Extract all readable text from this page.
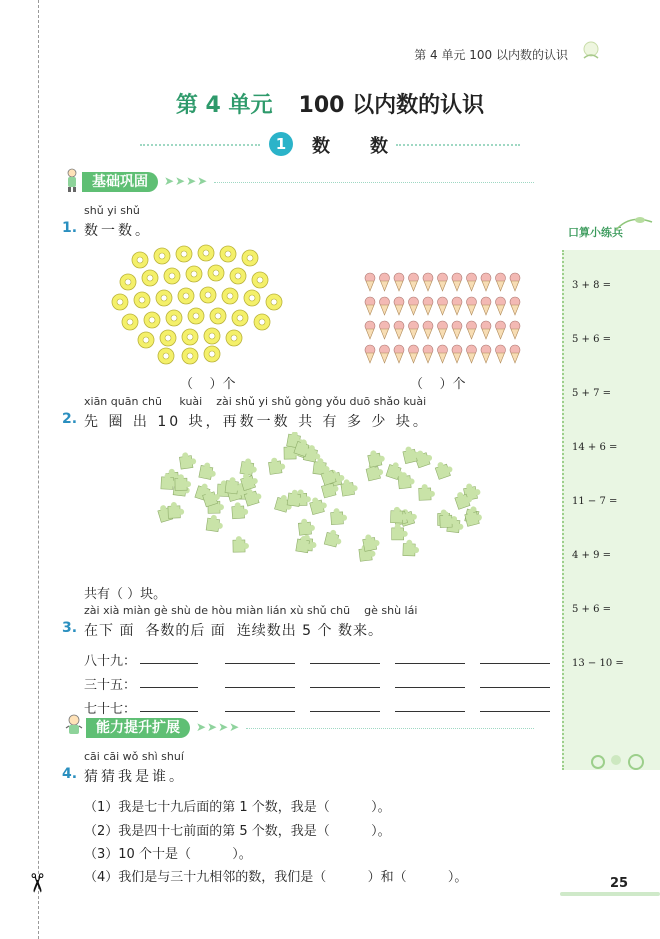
✂
第 4 单元 100 以内数的认识
第 4 单元 100 以内数的认识
1	数数
基础巩固	➤➤➤➤
shǔ yi shǔ
1. 数一数。
（    ）个	（    ）个
xiān quān chū     kuài    zài shǔ yi shǔ gòng yǒu duō shǎo kuài
2. 先 圈 出 10 块，再数一数 共 有 多 少 块。
共有（ ）块。
zài xià miàn gè shù de hòu miàn lián xù shǔ chū    gè shù lái
3. 在下 面  各数的后 面  连续数出 5 个 数来。
八十九：
三十五：
七十七：
能力提升扩展	➤➤➤➤
cāi cāi wǒ shì shuí
4. 猜猜我是谁。
（1）我是七十九后面的第 1 个数，我是（          ）。
（2）我是四十七前面的第 5 个数，我是（          ）。
（3）10 个十是（          ）。
（4）我们是与三十九相邻的数，我们是（          ）和（          ）。
口算小练兵
3 + 8 =
5 + 6 =
5 + 7 =
14 + 6 =
11 − 7 =
4 + 9 =
5 + 6 =
13 − 10 =
25
